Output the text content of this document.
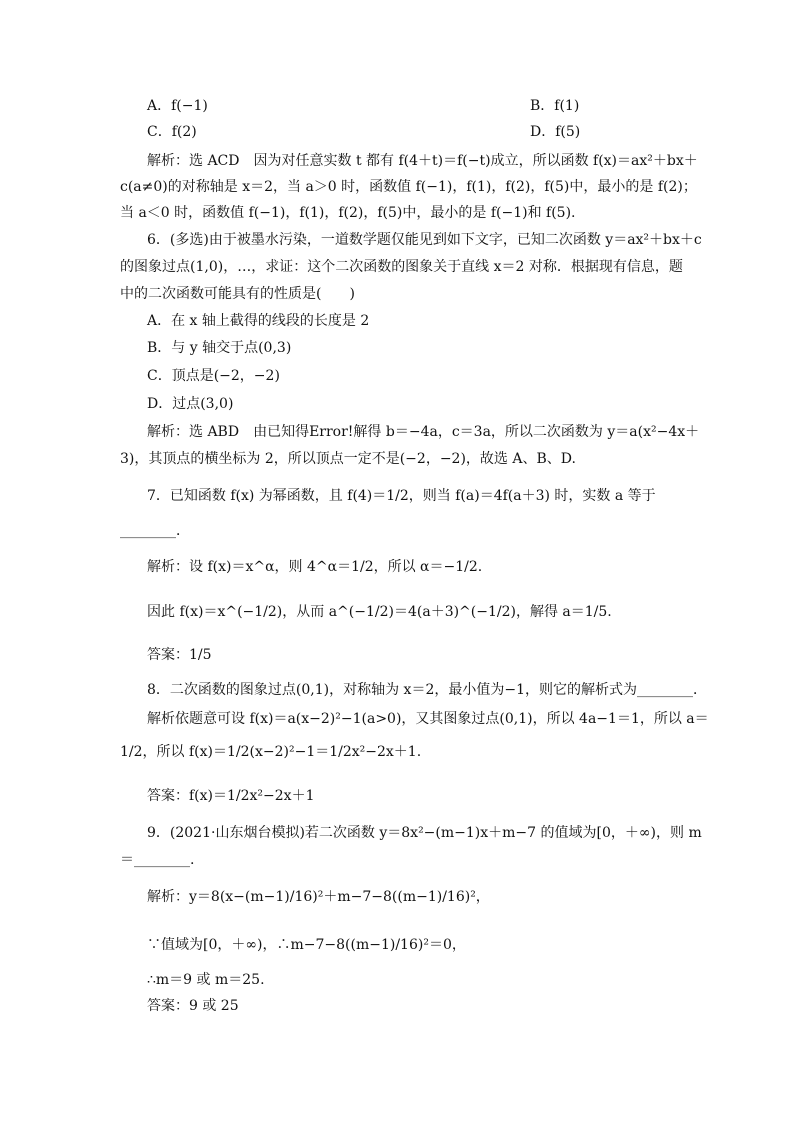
A．f(−1)	B．f(1)
C．f(2)	D．f(5)
解析：选 ACD　因为对任意实数 t 都有 f(4＋t)＝f(−t)成立，所以函数 f(x)＝ax²＋bx＋
c(a≠0)的对称轴是 x＝2，当 a＞0 时，函数值 f(−1)，f(1)，f(2)，f(5)中，最小的是 f(2)；
当 a＜0 时，函数值 f(−1)，f(1)，f(2)，f(5)中，最小的是 f(−1)和 f(5).
6．(多选)由于被墨水污染，一道数学题仅能见到如下文字，已知二次函数 y＝ax²＋bx＋c
的图象过点(1,0)，…，求证：这个二次函数的图象关于直线 x＝2 对称．根据现有信息，题
中的二次函数可能具有的性质是(　　)
A．在 x 轴上截得的线段的长度是 2
B．与 y 轴交于点(0,3)
C．顶点是(−2，−2)
D．过点(3,0)
解析：选 ABD　由已知得Error!解得 b＝−4a，c＝3a，所以二次函数为 y＝a(x²−4x＋
3)，其顶点的横坐标为 2，所以顶点一定不是(−2，−2)，故选 A、B、D.
7．已知函数 f(x) 为幂函数，且 f(4)＝1/2，则当 f(a)＝4f(a＋3) 时，实数 a 等于
________．
解析：设 f(x)＝x^α，则 4^α＝1/2，所以 α＝−1/2.
因此 f(x)＝x^(−1/2)，从而 a^(−1/2)＝4(a＋3)^(−1/2)，解得 a＝1/5.
答案：1/5
8．二次函数的图象过点(0,1)，对称轴为 x＝2，最小值为−1，则它的解析式为________．
解析依题意可设 f(x)＝a(x−2)²−1(a>0)，又其图象过点(0,1)，所以 4a−1＝1，所以 a＝
1/2，所以 f(x)＝1/2(x−2)²−1＝1/2x²−2x＋1.
答案：f(x)＝1/2x²−2x＋1
9．(2021·山东烟台模拟)若二次函数 y＝8x²−(m−1)x＋m−7 的值域为[0，＋∞)，则 m
＝________.
解析：y＝8(x−(m−1)/16)²＋m−7−8((m−1)/16)²，
∵值域为[0，＋∞)，∴m−7−8((m−1)/16)²＝0，
∴m＝9 或 m＝25.
答案：9 或 25
